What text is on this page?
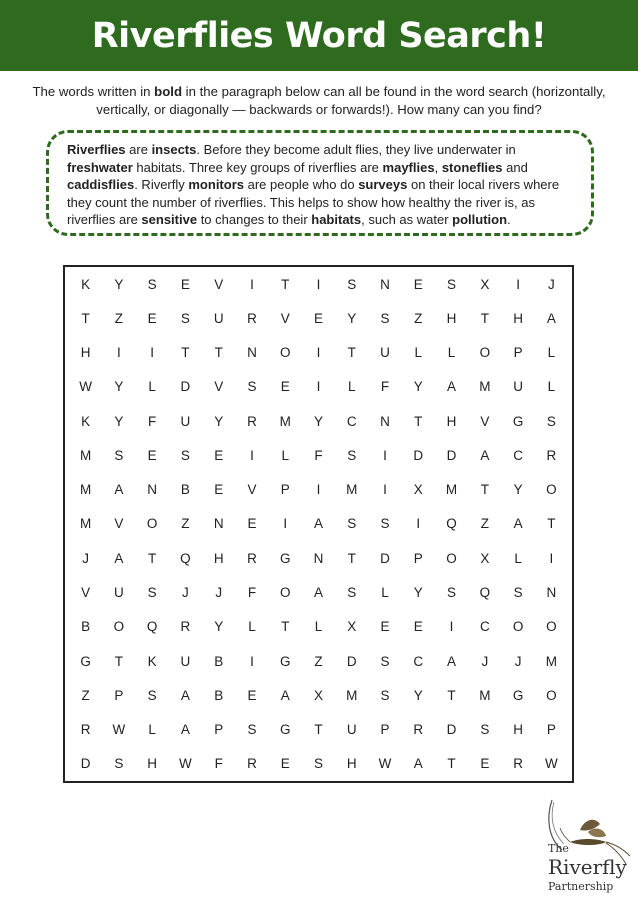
Riverflies Word Search!
The words written in bold in the paragraph below can all be found in the word search (horizontally, vertically, or diagonally — backwards or forwards!). How many can you find?
Riverflies are insects. Before they become adult flies, they live underwater in freshwater habitats. Three key groups of riverflies are mayflies, stoneflies and caddisflies. Riverfly monitors are people who do surveys on their local rivers where they count the number of riverflies. This helps to show how healthy the river is, as riverflies are sensitive to changes to their habitats, such as water pollution.
K	Y	S	E	V	I	T	I	S	N	E	S	X	I	J
T	Z	E	S	U	R	V	E	Y	S	Z	H	T	H	A
H	I	I	T	T	N	O	I	T	U	L	L	O	P	L
W	Y	L	D	V	S	E	I	L	F	Y	A	M	U	L
K	Y	F	U	Y	R	M	Y	C	N	T	H	V	G	S
M	S	E	S	E	I	L	F	S	I	D	D	A	C	R
M	A	N	B	E	V	P	I	M	I	X	M	T	Y	O
M	V	O	Z	N	E	I	A	S	S	I	Q	Z	A	T
J	A	T	Q	H	R	G	N	T	D	P	O	X	L	I
V	U	S	J	J	F	O	A	S	L	Y	S	Q	S	N
B	O	Q	R	Y	L	T	L	X	E	E	I	C	O	O
G	T	K	U	B	I	G	Z	D	S	C	A	J	J	M
Z	P	S	A	B	E	A	X	M	S	Y	T	M	G	O
R	W	L	A	P	S	G	T	U	P	R	D	S	H	P
D	S	H	W	F	R	E	S	H	W	A	T	E	R	W
The
Riverfly
Partnership
